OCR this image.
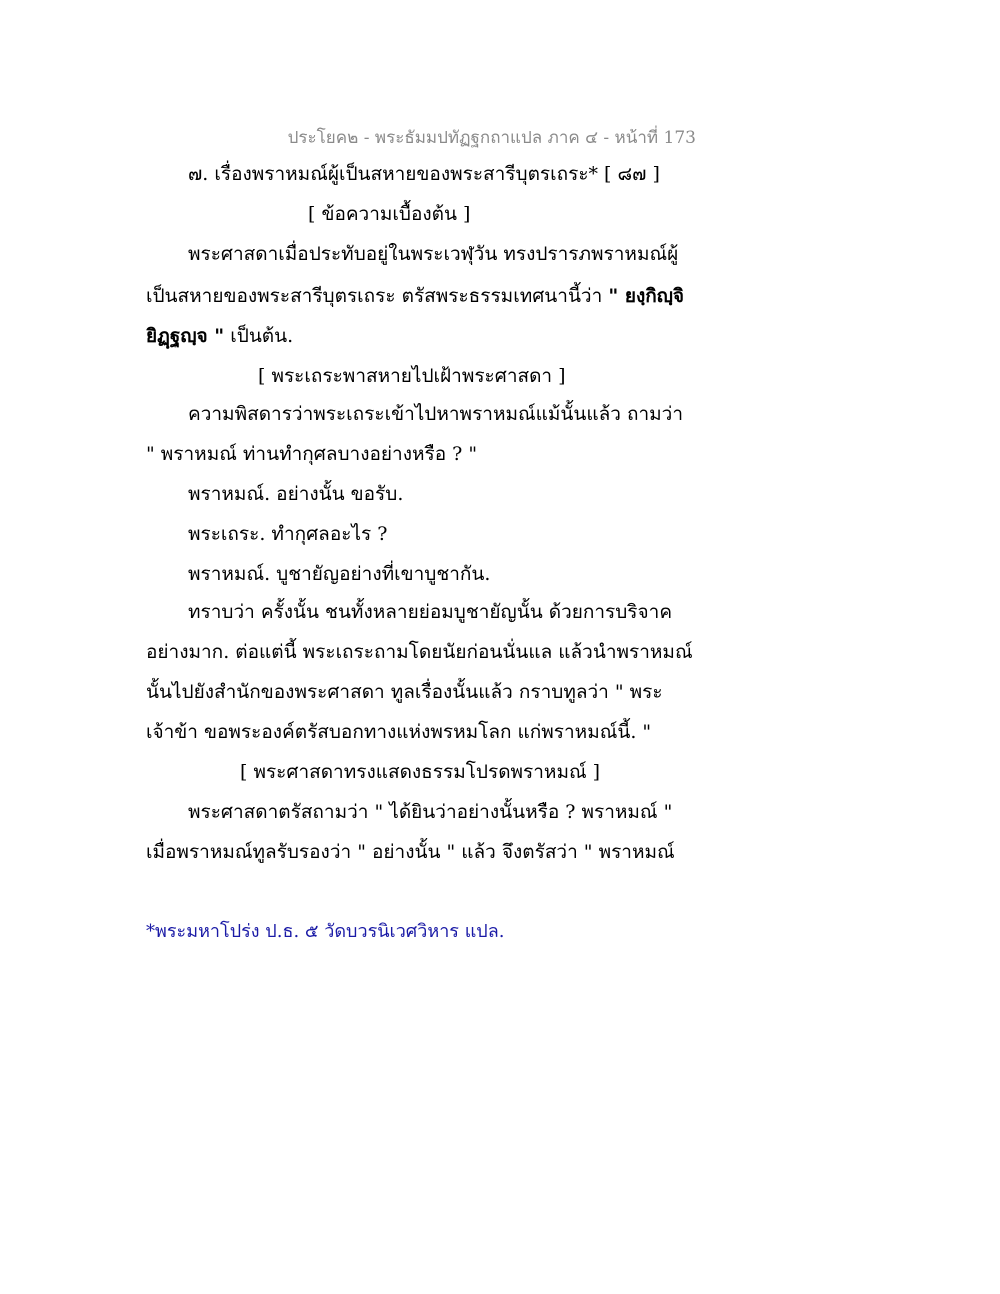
ประโยค๒ - พระธัมมปทัฏฐกถาแปล ภาค ๔ - หน้าที่ 173
๗. เรื่องพราหมณ์ผู้เป็นสหายของพระสารีบุตรเถระ* [ ๘๗ ]
[ ข้อความเบื้องต้น ]
พระศาสดาเมื่อประทับอยู่ในพระเวฬุวัน ทรงปรารภพราหมณ์ผู้
เป็นสหายของพระสารีบุตรเถระ ตรัสพระธรรมเทศนานี้ว่า " ยงฺกิญฺจิ
ยิฏฺฐญฺจ " เป็นต้น.
[ พระเถระพาสหายไปเฝ้าพระศาสดา ]
ความพิสดารว่าพระเถระเข้าไปหาพราหมณ์แม้นั้นแล้ว ถามว่า
" พราหมณ์ ท่านทำกุศลบางอย่างหรือ ? "
พราหมณ์. อย่างนั้น ขอรับ.
พระเถระ. ทำกุศลอะไร ?
พราหมณ์. บูชายัญอย่างที่เขาบูชากัน.
ทราบว่า ครั้งนั้น ชนทั้งหลายย่อมบูชายัญนั้น ด้วยการบริจาค
อย่างมาก. ต่อแต่นี้ พระเถระถามโดยนัยก่อนนั่นแล แล้วนำพราหมณ์
นั้นไปยังสำนักของพระศาสดา ทูลเรื่องนั้นแล้ว กราบทูลว่า " พระ
เจ้าข้า ขอพระองค์ตรัสบอกทางแห่งพรหมโลก แก่พราหมณ์นี้. "
[ พระศาสดาทรงแสดงธรรมโปรดพราหมณ์ ]
พระศาสดาตรัสถามว่า " ได้ยินว่าอย่างนั้นหรือ ? พราหมณ์ "
เมื่อพราหมณ์ทูลรับรองว่า " อย่างนั้น " แล้ว จึงตรัสว่า " พราหมณ์
*พระมหาโปร่ง ป.ธ. ๕ วัดบวรนิเวศวิหาร แปล.
